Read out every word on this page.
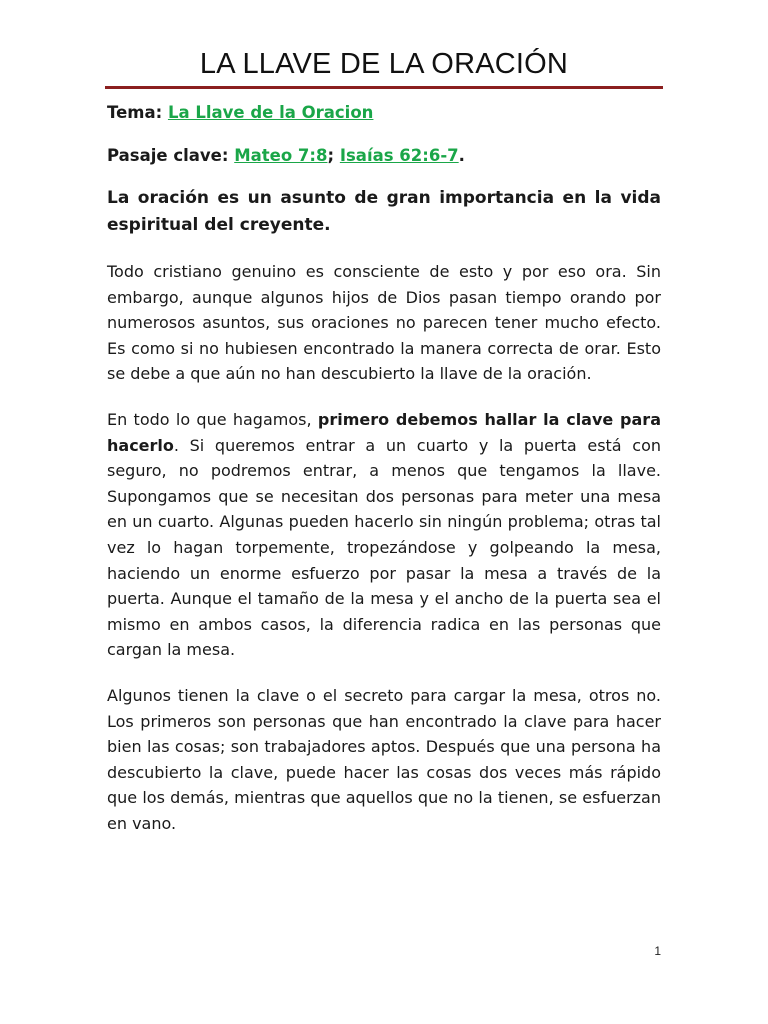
LA LLAVE DE LA ORACIÓN

Tema: La Llave de la Oracion

Pasaje clave: Mateo 7:8; Isaías 62:6-7.

La oración es un asunto de gran importancia en la vida espiritual del creyente.

Todo cristiano genuino es consciente de esto y por eso ora. Sin embargo, aunque algunos hijos de Dios pasan tiempo orando por numerosos asuntos, sus oraciones no parecen tener mucho efecto. Es como si no hubiesen encontrado la manera correcta de orar. Esto se debe a que aún no han descubierto la llave de la oración.

En todo lo que hagamos, primero debemos hallar la clave para hacerlo. Si queremos entrar a un cuarto y la puerta está con seguro, no podremos entrar, a menos que tengamos la llave. Supongamos que se necesitan dos personas para meter una mesa en un cuarto. Algunas pueden hacerlo sin ningún problema; otras tal vez lo hagan torpemente, tropezándose y golpeando la mesa, haciendo un enorme esfuerzo por pasar la mesa a través de la puerta. Aunque el tamaño de la mesa y el ancho de la puerta sea el mismo en ambos casos, la diferencia radica en las personas que cargan la mesa.

Algunos tienen la clave o el secreto para cargar la mesa, otros no. Los primeros son personas que han encontrado la clave para hacer bien las cosas; son trabajadores aptos. Después que una persona ha descubierto la clave, puede hacer las cosas dos veces más rápido que los demás, mientras que aquellos que no la tienen, se esfuerzan en vano.

1
